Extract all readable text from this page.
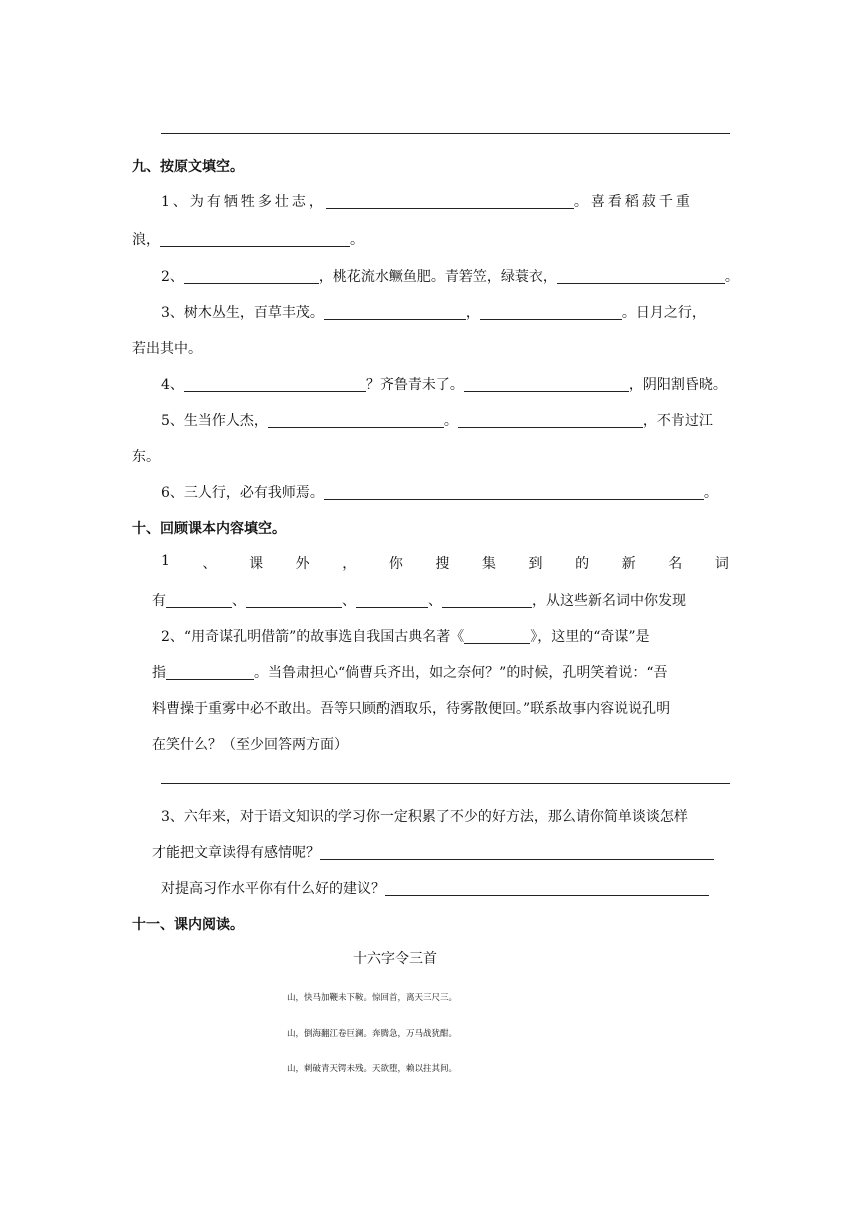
九、按原文填空。
1、为有牺牲多壮志，	。喜看稻菽千重
浪，	。
2、	，桃花流水鳜鱼肥。青箬笠，绿蓑衣，	。
3、树木丛生，百草丰茂。	，	。日月之行，
若出其中。
4、	？齐鲁青未了。	，阴阳割昏晓。
5、生当作人杰，	。	，不肯过江
东。
6、三人行，必有我师焉。	。
十、回顾课本内容填空。
1 、 课 外 ， 你 搜 集 到 的 新 名 词
有	、	、	、	，从这些新名词中你发现
2、“用奇谋孔明借箭”的故事选自我国古典名著《	》，这里的“奇谋”是
指	。当鲁肃担心“倘曹兵齐出，如之奈何？”的时候，孔明笑着说：“吾
料曹操于重雾中必不敢出。吾等只顾酌酒取乐，待雾散便回。”联系故事内容说说孔明
在笑什么？（至少回答两方面）
3、六年来，对于语文知识的学习你一定积累了不少的好方法，那么请你简单谈谈怎样
才能把文章读得有感情呢？
对提高习作水平你有什么好的建议？
十一、课内阅读。
十六字令三首
山，快马加鞭未下鞍。惊回首，离天三尺三。
山，倒海翻江卷巨澜。奔腾急，万马战犹酣。
山，刺破青天锷未残。天欲堕，赖以拄其间。
